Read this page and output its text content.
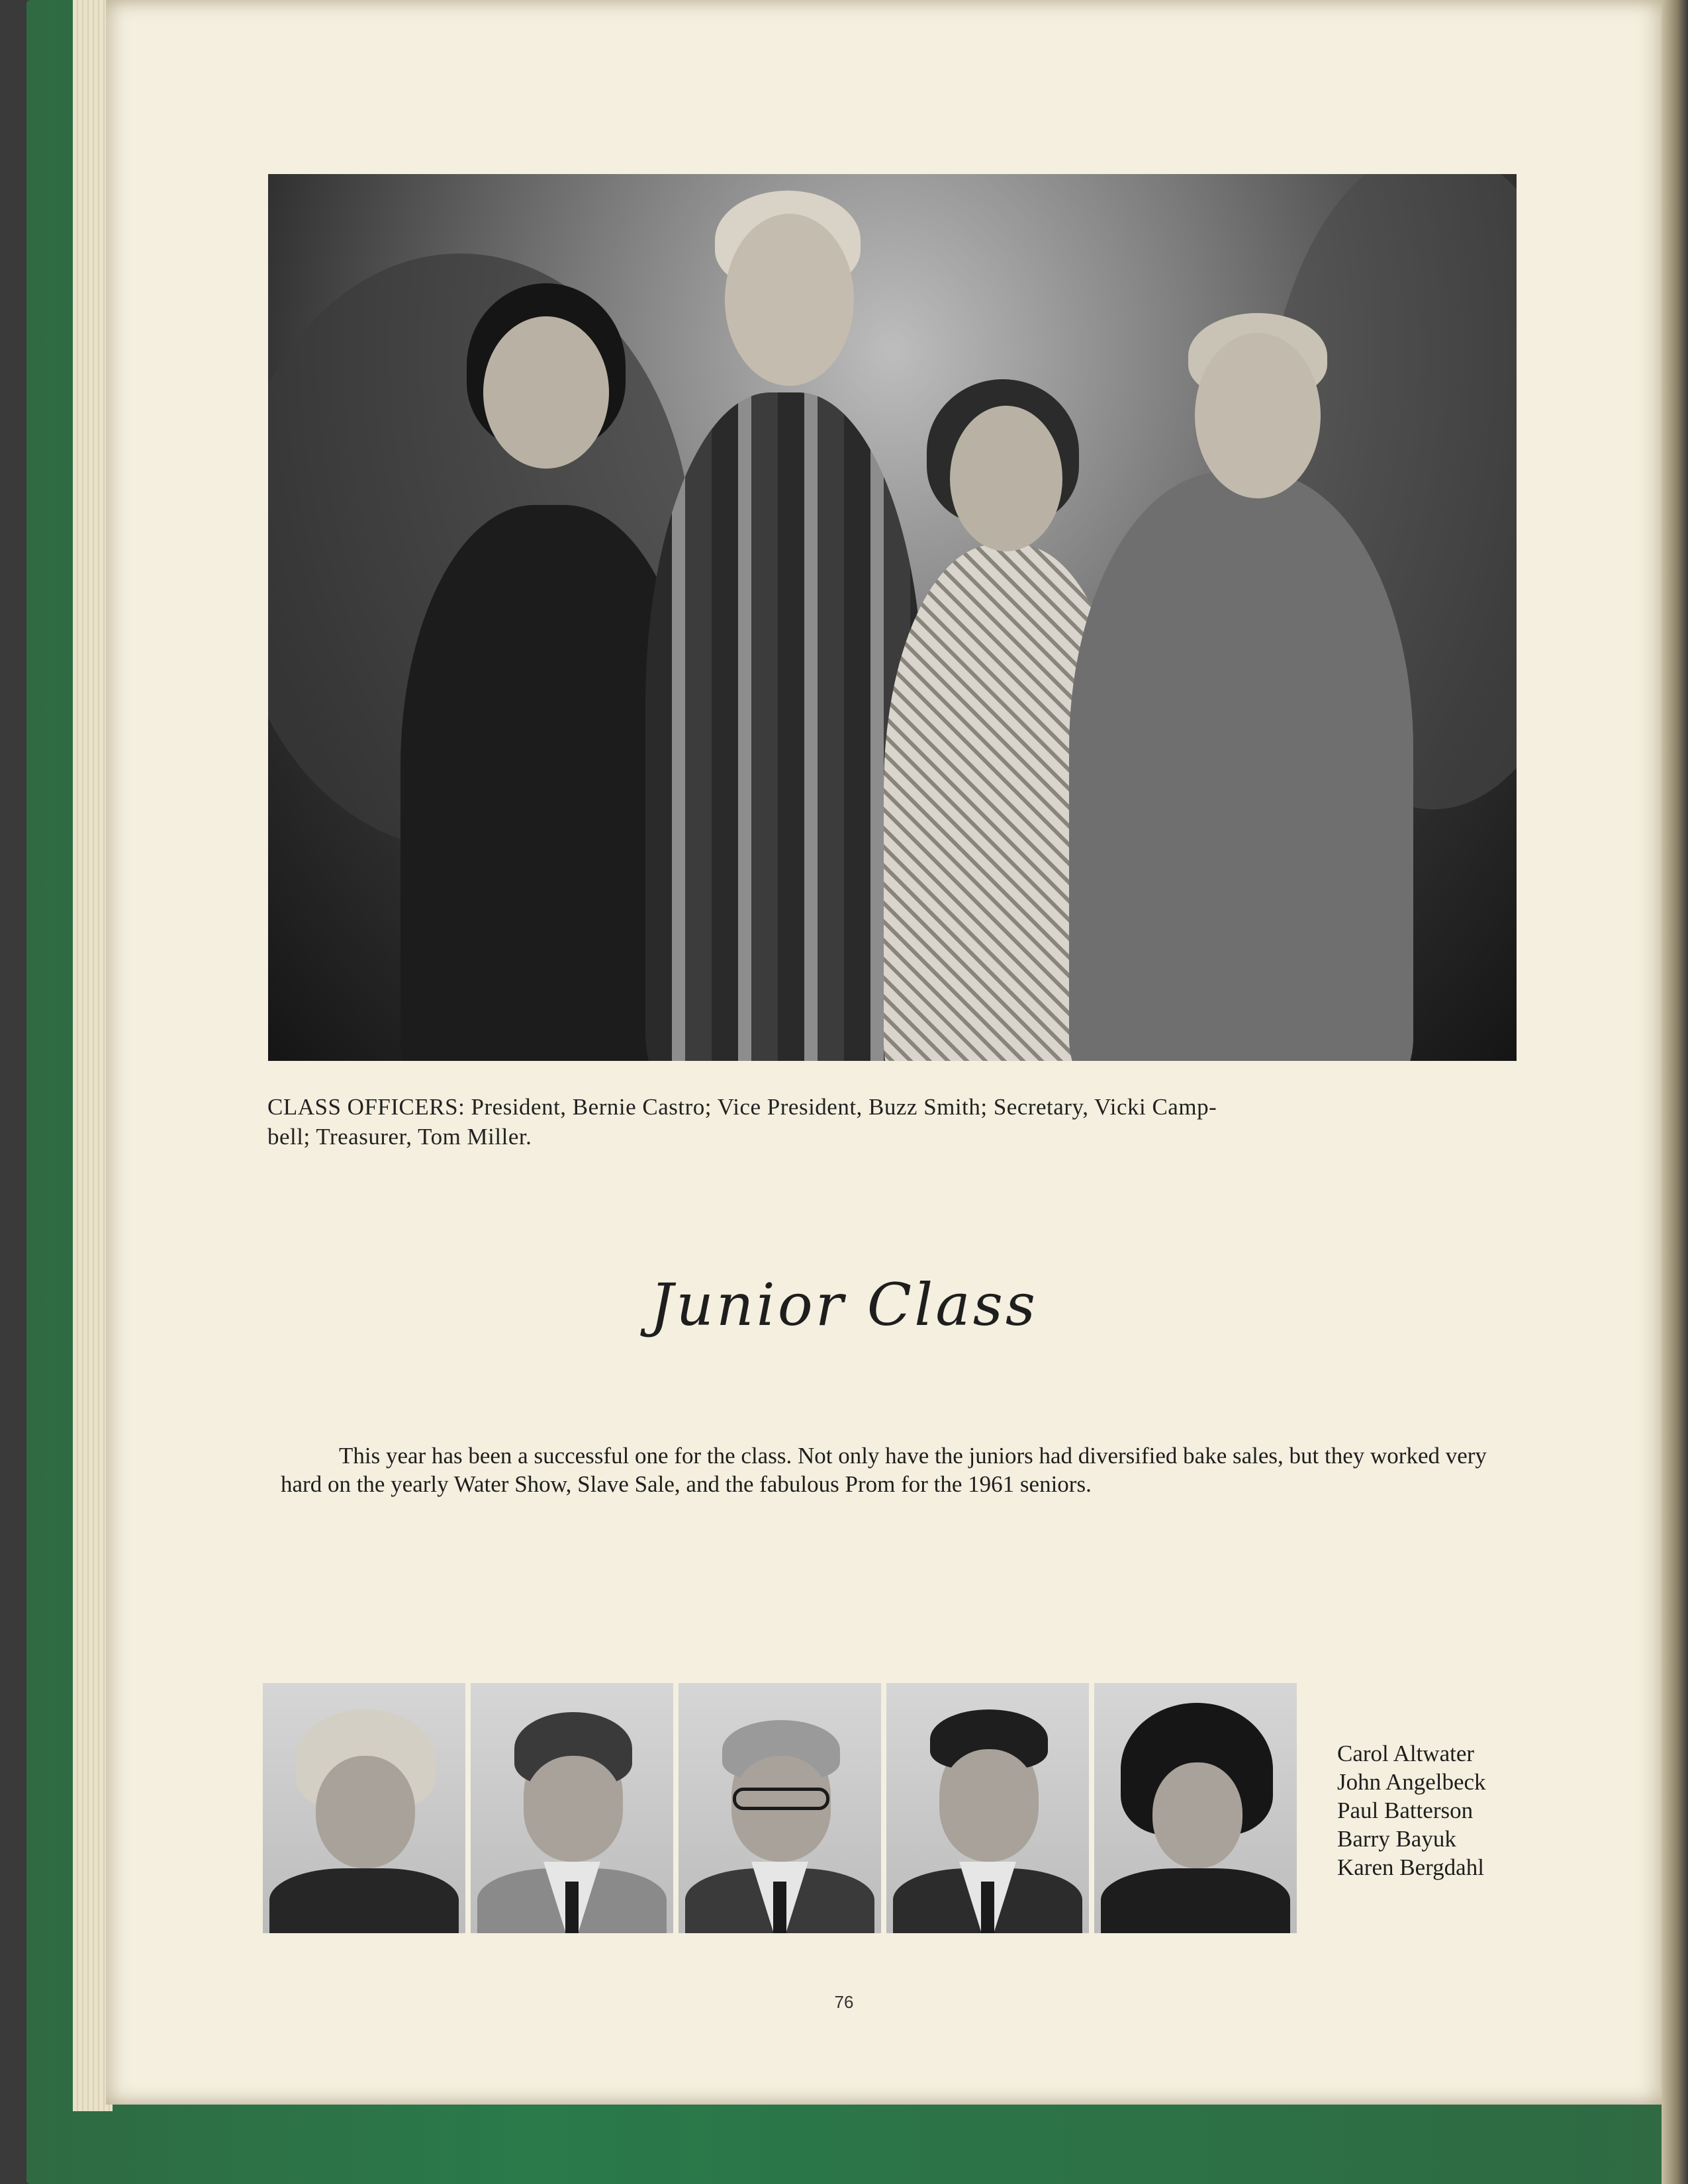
CLASS OFFICERS: President, Bernie Castro; Vice President, Buzz Smith; Secretary, Vicki Camp-
bell; Treasurer, Tom Miller.
Junior Class
This year has been a successful one for the class. Not only have the juniors had diversified bake sales, but they worked very hard on the yearly Water Show, Slave Sale, and the fabulous Prom for the 1961 seniors.
Carol Altwater
John Angelbeck
Paul Batterson
Barry Bayuk
Karen Bergdahl
76
